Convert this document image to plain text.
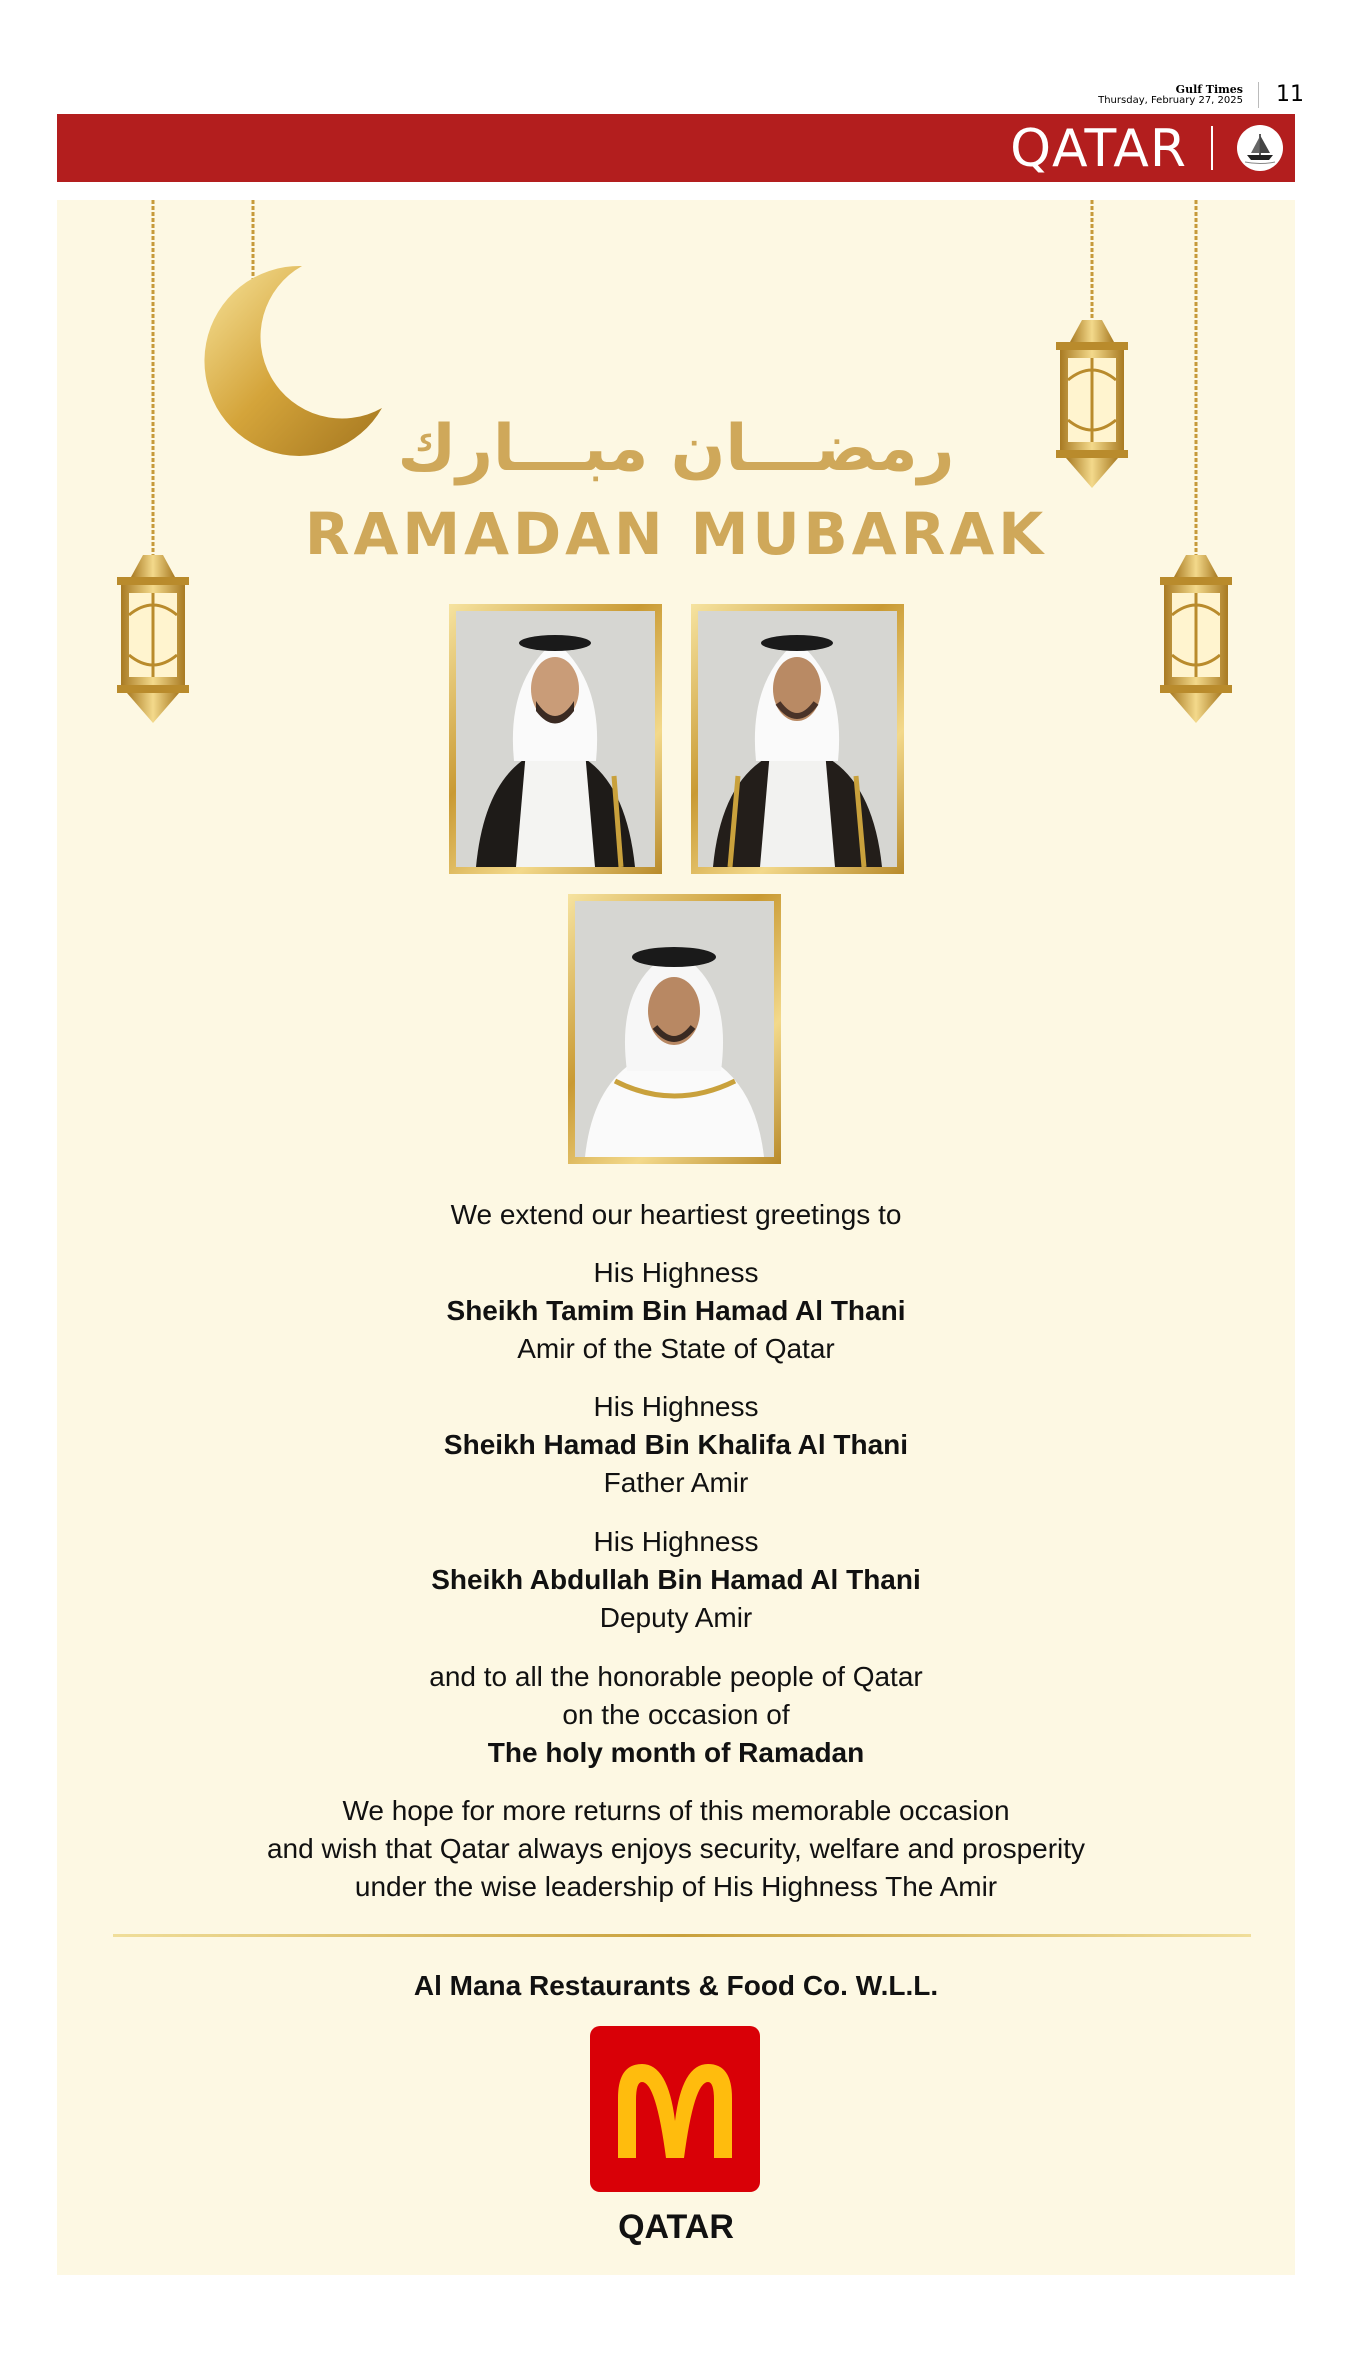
Gulf Times
Thursday, February 27, 2025 11
QATAR
رمضـــان مبـــارك
RAMADAN MUBARAK
We extend our heartiest greetings to
His Highness
Sheikh Tamim Bin Hamad Al Thani
Amir of the State of Qatar
His Highness
Sheikh Hamad Bin Khalifa Al Thani
Father Amir
His Highness
Sheikh Abdullah Bin Hamad Al Thani
Deputy Amir
and to all the honorable people of Qatar
on the occasion of
The holy month of Ramadan
We hope for more returns of this memorable occasion
and wish that Qatar always enjoys security, welfare and prosperity
under the wise leadership of His Highness The Amir
Al Mana Restaurants & Food Co. W.L.L.
QATAR
